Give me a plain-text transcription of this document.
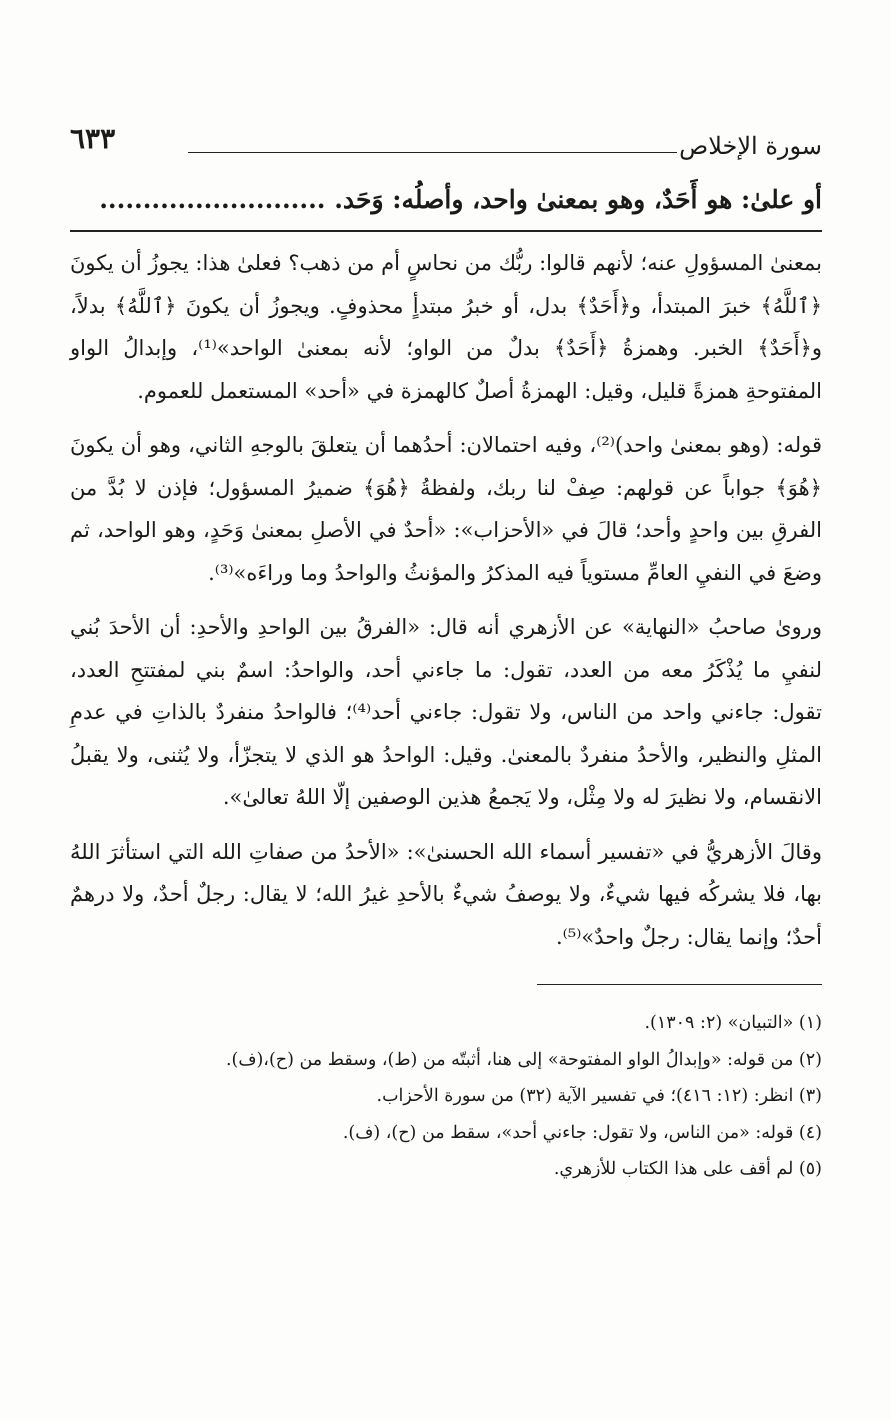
سورة الإخلاص
٦٣٣
أو علىٰ: هو أَحَدٌ، وهو بمعنىٰ واحد، وأصلُه: وَحَد. ..........................

بمعنىٰ المسؤولِ عنه؛ لأنهم قالوا: ربُّك من نحاسٍ أم من ذهب؟ فعلىٰ هذا: يجوزُ أن يكونَ ﴿ٱللَّهُ﴾ خبرَ المبتدأ، و﴿أَحَدٌ﴾ بدل، أو خبرُ مبتدأٍ محذوفٍ. ويجوزُ أن يكونَ ﴿ٱللَّهُ﴾ بدلاً، و﴿أَحَدٌ﴾ الخبر. وهمزةُ ﴿أَحَدٌ﴾ بدلٌ من الواو؛ لأنه بمعنىٰ الواحد»⁽¹⁾، وإبدالُ الواو المفتوحةِ همزةً قليل، وقيل: الهمزةُ أصلٌ كالهمزة في «أحد» المستعمل للعموم.

قوله: (وهو بمعنىٰ واحد)⁽²⁾، وفيه احتمالان: أحدُهما أن يتعلقَ بالوجهِ الثاني، وهو أن يكونَ ﴿هُوَ﴾ جواباً عن قولهم: صِفْ لنا ربك، ولفظةُ ﴿هُوَ﴾ ضميرُ المسؤول؛ فإذن لا بُدَّ من الفرقِ بين واحدٍ وأحد؛ قالَ في «الأحزاب»: «أحدٌ في الأصلِ بمعنىٰ وَحَدٍ، وهو الواحد، ثم وضعَ في النفيِ العامِّ مستوياً فيه المذكرُ والمؤنثُ والواحدُ وما وراءَه»⁽³⁾.

وروىٰ صاحبُ «النهاية» عن الأزهري أنه قال: «الفرقُ بين الواحدِ والأحدِ: أن الأحدَ بُني لنفيِ ما يُذْكَرُ معه من العدد، تقول: ما جاءني أحد، والواحدُ: اسمٌ بني لمفتتحِ العدد، تقول: جاءني واحد من الناس، ولا تقول: جاءني أحد⁽⁴⁾؛ فالواحدُ منفردٌ بالذاتِ في عدمِ المثلِ والنظير، والأحدُ منفردٌ بالمعنىٰ. وقيل: الواحدُ هو الذي لا يتجزّأ، ولا يُثنى، ولا يقبلُ الانقسام، ولا نظيرَ له ولا مِثْل، ولا يَجمعُ هذين الوصفين إلّا اللهُ تعالىٰ».

وقالَ الأزهريُّ في «تفسير أسماء الله الحسنىٰ»: «الأحدُ من صفاتِ الله التي استأثرَ اللهُ بها، فلا يشركُه فيها شيءٌ، ولا يوصفُ شيءٌ بالأحدِ غيرُ الله؛ لا يقال: رجلٌ أحدٌ، ولا درهمٌ أحدٌ؛ وإنما يقال: رجلٌ واحدٌ»⁽⁵⁾.

(١) «التبيان» (٢: ١٣٠٩).
(٢) من قوله: «وإبدالُ الواو المفتوحة» إلى هنا، أثبتّه من (ط)، وسقط من (ح)،(ف).
(٣) انظر: (١٢: ٤١٦)؛ في تفسير الآية (٣٢) من سورة الأحزاب.
(٤) قوله: «من الناس، ولا تقول: جاءني أحد»، سقط من (ح)، (ف).
(٥) لم أقف على هذا الكتاب للأزهري.
